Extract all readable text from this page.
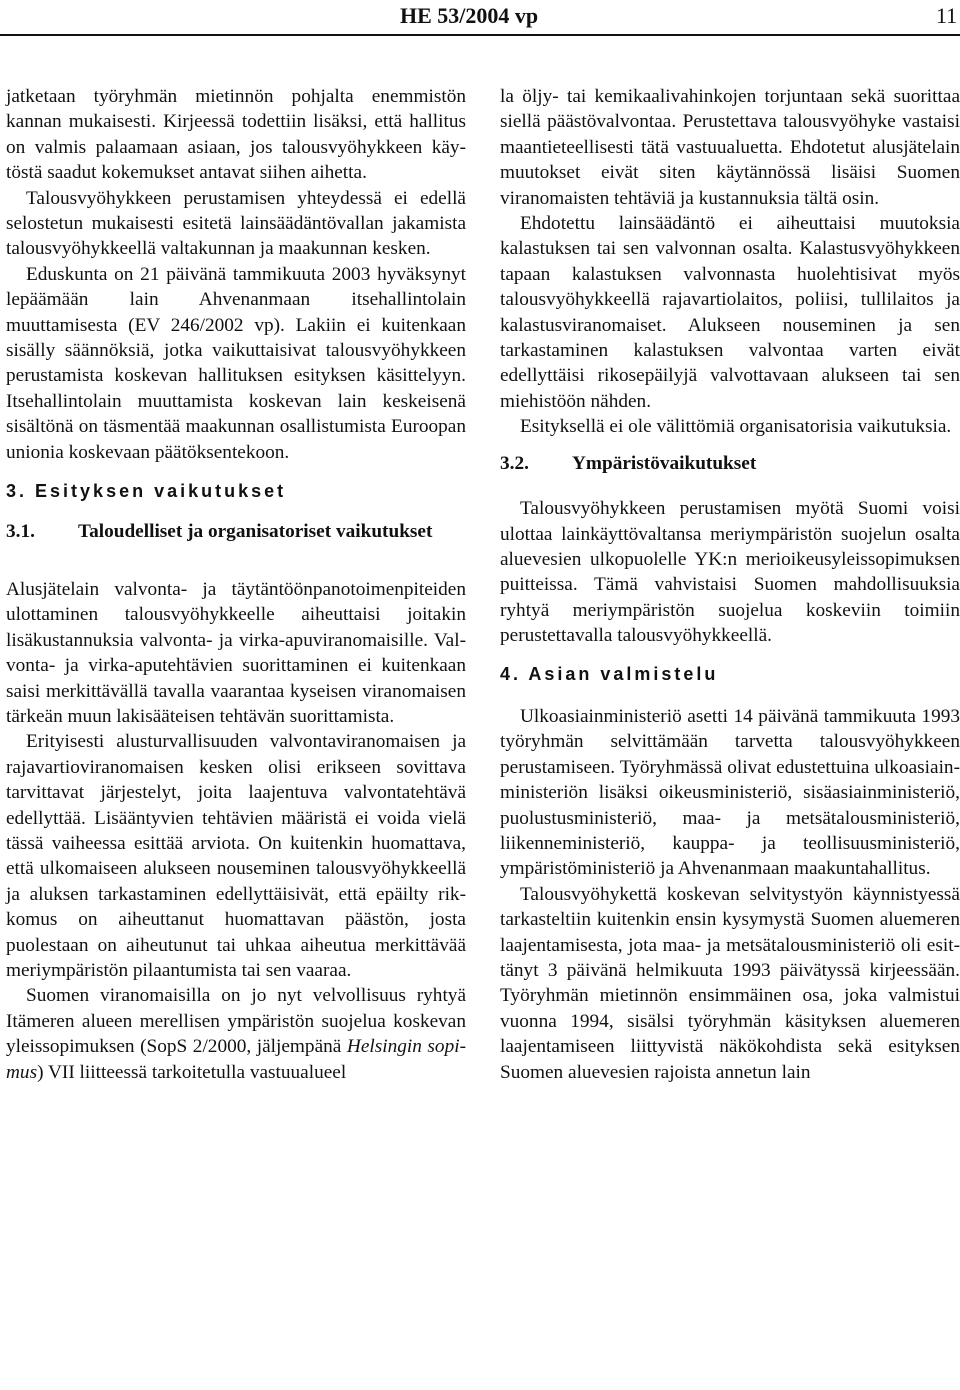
HE 53/2004 vp	11

jatketaan työryhmän mietinnön pohjalta enemmistön kannan mukaisesti. Kirjeessä todettiin lisäksi, että hallitus on valmis palaamaan asiaan, jos talousvyöhykkeen käytöstä saadut kokemukset antavat siihen aihetta.

Talousvyöhykkeen perustamisen yhteydessä ei edellä selostetun mukaisesti esitetä lainsäädäntövallan jakamista talousvyöhykkeellä valtakunnan ja maakunnan kesken.

Eduskunta on 21 päivänä tammikuuta 2003 hyväksynyt lepäämään lain Ahvenanmaan itsehallintolain muuttamisesta (EV 246/2002 vp). Lakiin ei kuitenkaan sisälly säännöksiä, jotka vaikuttaisivat talousvyöhykkeen perustamista koskevan hallituksen esityksen käsittelyyn. Itsehallintolain muuttamista koskevan lain keskeisenä sisältönä on täsmentää maakunnan osallistumista Euroopan unionia koskevaan päätöksentekoon.

3. Esityksen vaikutukset
3.1. Taloudelliset ja organisatoriset vaikutukset

Alusjätelain valvonta- ja täytäntöönpanotoimenpiteiden ulottaminen talousvyöhykkeelle aiheuttaisi joitakin lisäkustannuksia valvonta- ja virka-apuviranomaisille. Valvonta- ja virka-aputehtävien suorittaminen ei kuitenkaan saisi merkittävällä tavalla vaarantaa kyseisen viranomaisen tärkeän muun lakisääteisen tehtävän suorittamista.

Erityisesti alusturvallisuuden valvontaviranomaisen ja rajavartioviranomaisen kesken olisi erikseen sovittava tarvittavat järjestelyt, joita laajentuva valvontatehtävä edellyttää. Lisääntyvien tehtävien määristä ei voida vielä tässä vaiheessa esittää arviota. On kuitenkin huomattava, että ulkomaiseen alukseen nouseminen talousvyöhykkeellä ja aluksen tarkastaminen edellyttäisivät, että epäilty rikkomus on aiheuttanut huomattavan päästön, josta puolestaan on aiheutunut tai uhkaa aiheutua merkittävää meriympäristön pilaantumista tai sen vaaraa.

Suomen viranomaisilla on jo nyt velvollisuus ryhtyä Itämeren alueen merellisen ympäristön suojelua koskevan yleissopimuksen (SopS 2/2000, jäljempänä Helsingin sopimus) VII liitteessä tarkoitetulla vastuualueel

la öljy- tai kemikaalivahinkojen torjuntaan sekä suorittaa siellä päästövalvontaa. Perustettava talousvyöhyke vastaisi maantieteellisesti tätä vastuualuetta. Ehdotetut alusjätelain muutokset eivät siten käytännössä lisäisi Suomen viranomaisten tehtäviä ja kustannuksia tältä osin.

Ehdotettu lainsäädäntö ei aiheuttaisi muutoksia kalastuksen tai sen valvonnan osalta. Kalastusvyöhykkeen tapaan kalastuksen valvonnasta huolehtisivat myös talousvyöhykkeellä rajavartiolaitos, poliisi, tullilaitos ja kalastusviranomaiset. Alukseen nouseminen ja sen tarkastaminen kalastuksen valvontaa varten eivät edellyttäisi rikosepäilyjä valvottavaan alukseen tai sen miehistöön nähden.

Esityksellä ei ole välittömiä organisatorisia vaikutuksia.

3.2. Ympäristövaikutukset

Talousvyöhykkeen perustamisen myötä Suomi voisi ulottaa lainkäyttövaltansa meriympäristön suojelun osalta aluevesien ulkopuolelle YK:n merioikeusyleissopimuksen puitteissa. Tämä vahvistaisi Suomen mahdollisuuksia ryhtyä meriympäristön suojelua koskeviin toimiin perustettavalla talousvyöhykkeellä.

4. Asian valmistelu

Ulkoasiainministeriö asetti 14 päivänä tammikuuta 1993 työryhmän selvittämään tarvetta talousvyöhykkeen perustamiseen. Työryhmässä olivat edustettuina ulkoasiainministeriön lisäksi oikeusministeriö, sisäasiainministeriö, puolustusministeriö, maa- ja metsätalousministeriö, liikenneministeriö, kauppa- ja teollisuusministeriö, ympäristöministeriö ja Ahvenanmaan maakuntahallitus.

Talousvyöhykettä koskevan selvitystyön käynnistyessä tarkasteltiin kuitenkin ensin kysymystä Suomen aluemeren laajentamisesta, jota maa- ja metsätalousministeriö oli esittänyt 3 päivänä helmikuuta 1993 päivätyssä kirjeessään. Työryhmän mietinnön ensimmäinen osa, joka valmistui vuonna 1994, sisälsi työryhmän käsityksen aluemeren laajentamiseen liittyvistä näkökohdista sekä esityksen Suomen aluevesien rajoista annetun lain
